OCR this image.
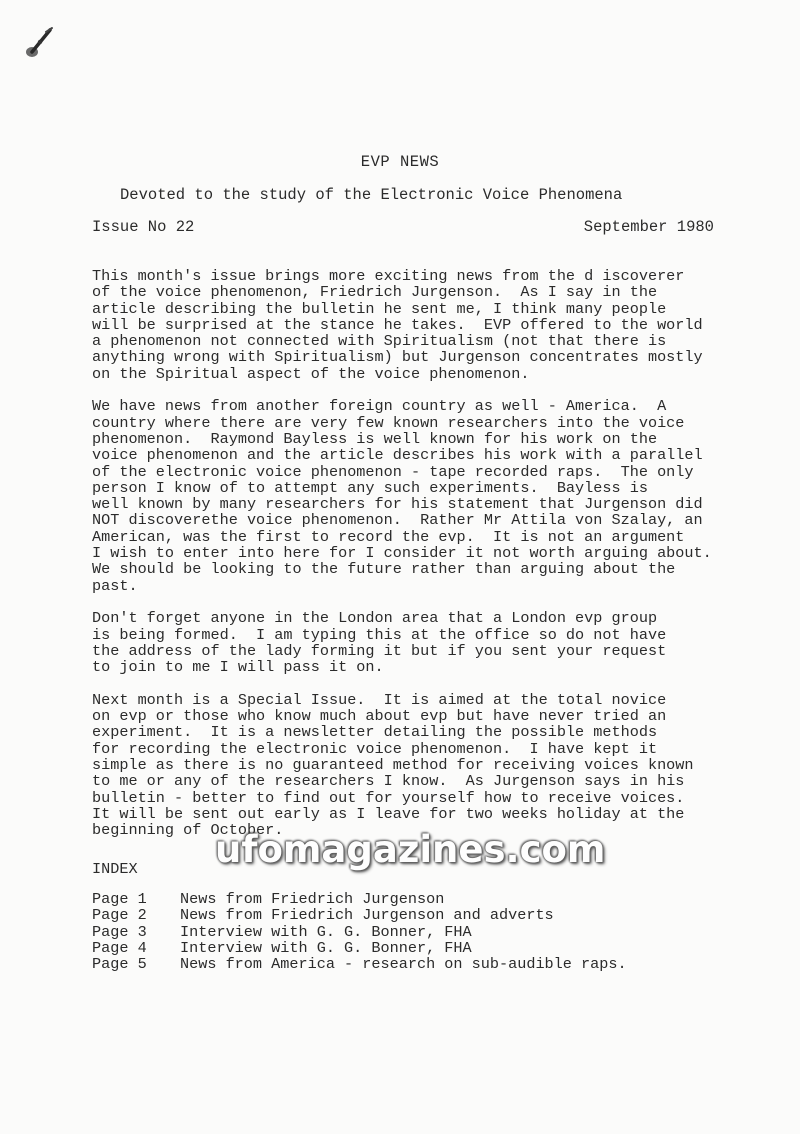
EVP NEWS
Devoted to the study of the Electronic Voice Phenomena
Issue No 22	September 1980
This month's issue brings more exciting news from the d iscoverer
of the voice phenomenon, Friedrich Jurgenson.  As I say in the
article describing the bulletin he sent me, I think many people
will be surprised at the stance he takes.  EVP offered to the world
a phenomenon not connected with Spiritualism (not that there is
anything wrong with Spiritualism) but Jurgenson concentrates mostly
on the Spiritual aspect of the voice phenomenon.
We have news from another foreign country as well - America.  A
country where there are very few known researchers into the voice
phenomenon.  Raymond Bayless is well known for his work on the
voice phenomenon and the article describes his work with a parallel
of the electronic voice phenomenon - tape recorded raps.  The only
person I know of to attempt any such experiments.  Bayless is
well known by many researchers for his statement that Jurgenson did
NOT discoverethe voice phenomenon.  Rather Mr Attila von Szalay, an
American, was the first to record the evp.  It is not an argument
I wish to enter into here for I consider it not worth arguing about.
We should be looking to the future rather than arguing about the
past.
Don't forget anyone in the London area that a London evp group
is being formed.  I am typing this at the office so do not have
the address of the lady forming it but if you sent your request
to join to me I will pass it on.
Next month is a Special Issue.  It is aimed at the total novice
on evp or those who know much about evp but have never tried an
experiment.  It is a newsletter detailing the possible methods
for recording the electronic voice phenomenon.  I have kept it
simple as there is no guaranteed method for receiving voices known
to me or any of the researchers I know.  As Jurgenson says in his
bulletin - better to find out for yourself how to receive voices.
It will be sent out early as I leave for two weeks holiday at the
beginning of October.
INDEX
Page 1	News from Friedrich Jurgenson
Page 2	News from Friedrich Jurgenson and adverts
Page 3	Interview with G. G. Bonner, FHA
Page 4	Interview with G. G. Bonner, FHA
Page 5	News from America - research on sub-audible raps.
ufomagazines.com
